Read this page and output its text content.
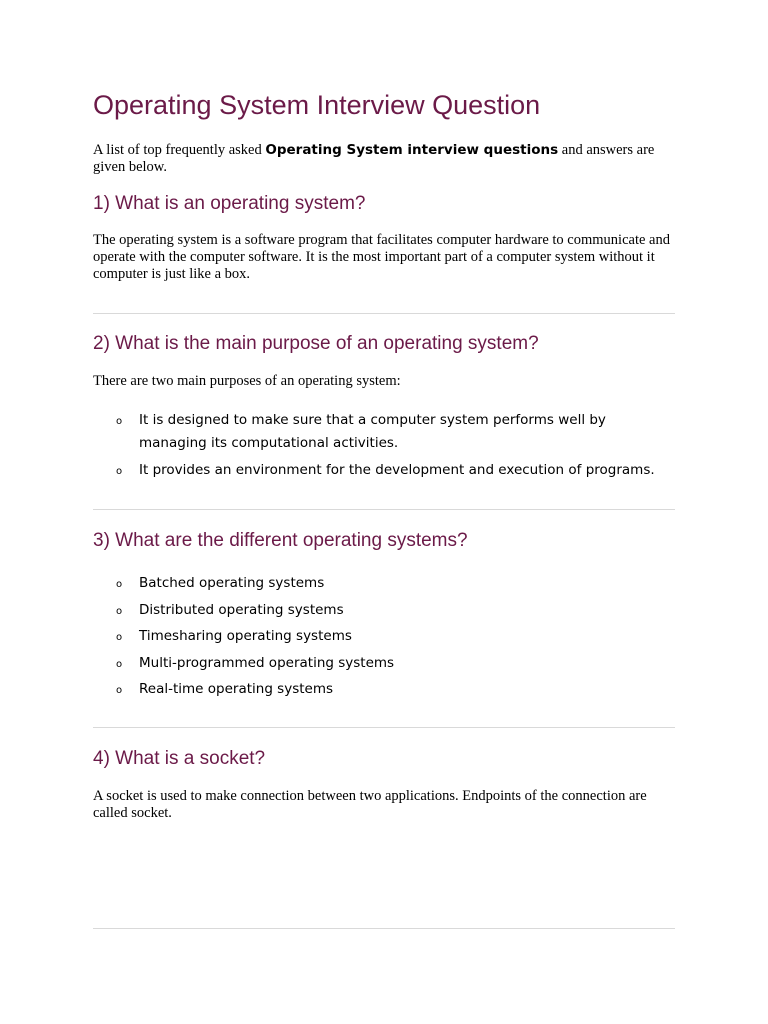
Operating System Interview Question

A list of top frequently asked Operating System interview questions and answers are given below.

1) What is an operating system?

The operating system is a software program that facilitates computer hardware to communicate and operate with the computer software. It is the most important part of a computer system without it computer is just like a box.

2) What is the main purpose of an operating system?

There are two main purposes of an operating system:

o It is designed to make sure that a computer system performs well by managing its computational activities.
o It provides an environment for the development and execution of programs.
3) What are the different operating systems?
o Batched operating systems
o Distributed operating systems
o Timesharing operating systems
o Multi-programmed operating systems
o Real-time operating systems
4) What is a socket?

A socket is used to make connection between two applications. Endpoints of the connection are called socket.
